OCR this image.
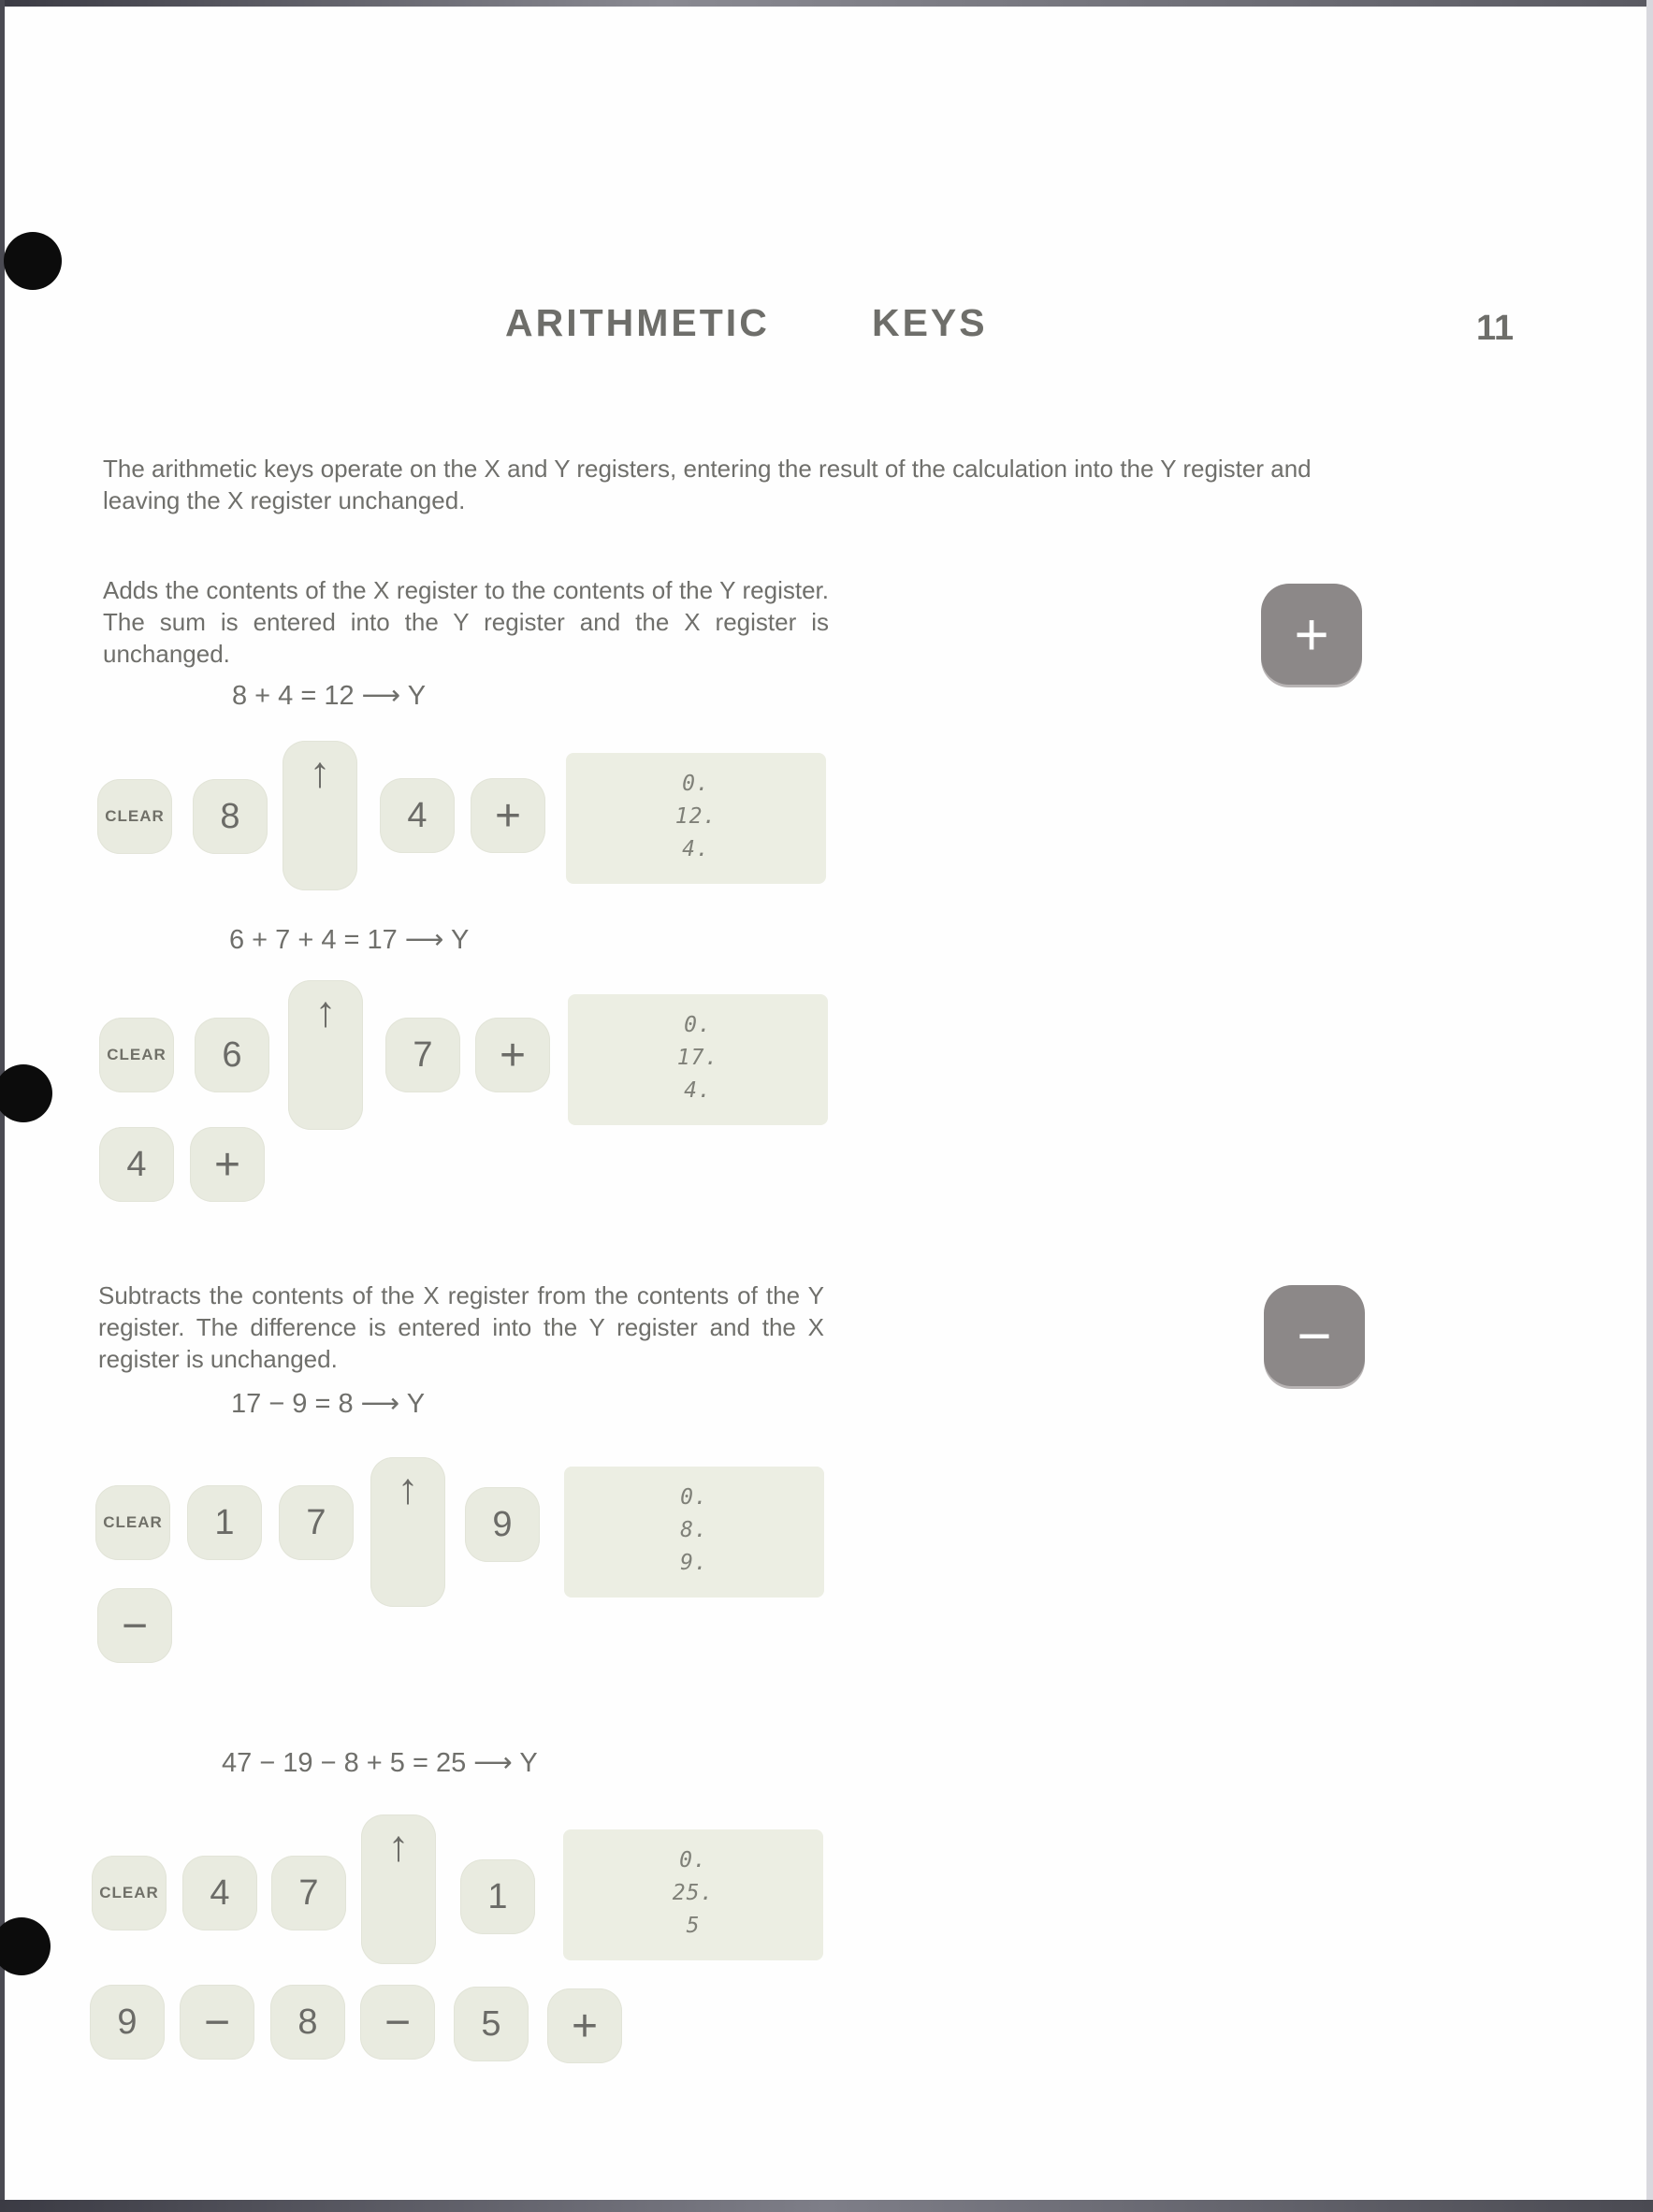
ARITHMETIC   KEYS	11
The arithmetic keys operate on the X and Y registers, entering the result of the calculation into the Y register and leaving the X register unchanged.
Adds the contents of the X register to the contents of the Y register. The sum is entered into the Y register and the X register is unchanged.	+
8 + 4 = 12 ⟶ Y
CLEAR	8
↑
4	+
0.
12.
4.
6 + 7 + 4 = 17 ⟶ Y
CLEAR	6
↑
7	+
4	+
0.
17.
4.
Subtracts the contents of the X register from the contents of the Y register. The difference is entered into the Y register and the X register is unchanged.	−
17 − 9 = 8 ⟶ Y
CLEAR	1	7
↑
9
−
0.
8.
9.
47 − 19 − 8 + 5 = 25 ⟶ Y
CLEAR	4	7
↑
1
9	−	8	−	5	+
0.
25.
5
